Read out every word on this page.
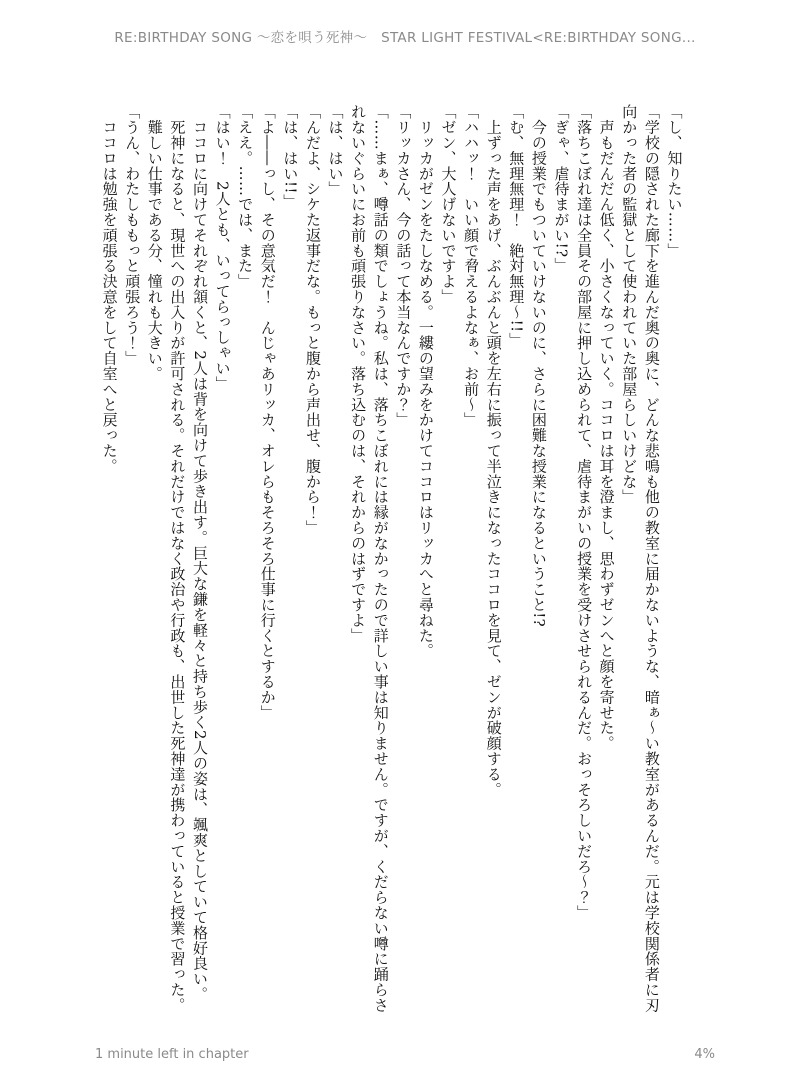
RE:BIRTHDAY SONG 〜恋を唄う死神〜　STAR LIGHT FESTIVAL<RE:BIRTHDAY SONG...

「し、知りたい……」

「学校の隠された廊下を進んだ奥の奥に、どんな悲鳴も他の教室に届かないような、暗ぁ〜い教室があるんだ。元は学校関係者に刃向かった者の監獄として使われていた部屋らしいけどな」

　声もだんだん低く、小さくなっていく。ココロは耳を澄まし、思わずゼンへと顔を寄せた。

「落ちこぼれ達は全員その部屋に押し込められて、虐待まがいの授業を受けさせられるんだ。おっそろしいだろ〜？」

「ぎゃ、虐待まがい!?」

　今の授業でもついていけないのに、さらに困難な授業になるということ!?

「む、無理無理！　絶対無理〜!!」

　上ずった声をあげ、ぶんぶんと頭を左右に振って半泣きになったココロを見て、ゼンが破顔する。

「ハハッ！　いい顔で脅えるよなぁ、お前〜」

「ゼン、大人げないですよ」

　リッカがゼンをたしなめる。一縷の望みをかけてココロはリッカへと尋ねた。

「リッカさん、今の話って本当なんですか？」

「……まぁ、噂話の類でしょうね。私は、落ちこぼれには縁がなかったので詳しい事は知りません。ですが、くだらない噂に踊らされないぐらいにお前も頑張りなさい。落ち込むのは、それからのはずですよ」

「は、はい」

「んだよ、シケた返事だな。もっと腹から声出せ、腹から！」

「は、はい!!」

「よ――っし、その意気だ！　んじゃあリッカ、オレらもそろそろ仕事に行くとするか」

「ええ。……では、また」

「はい！　2人とも、いってらっしゃい」

　ココロに向けてそれぞれ頷くと、2人は背を向けて歩き出す。巨大な鎌を軽々と持ち歩く2人の姿は、颯爽としていて格好良い。

　死神になると、現世への出入りが許可される。それだけではなく政治や行政も、出世した死神達が携わっていると授業で習った。

　難しい仕事である分、憧れも大きい。

「うん、わたしももっと頑張ろう！」

　ココロは勉強を頑張る決意をして自室へと戻った。

1 minute left in chapter	4%
